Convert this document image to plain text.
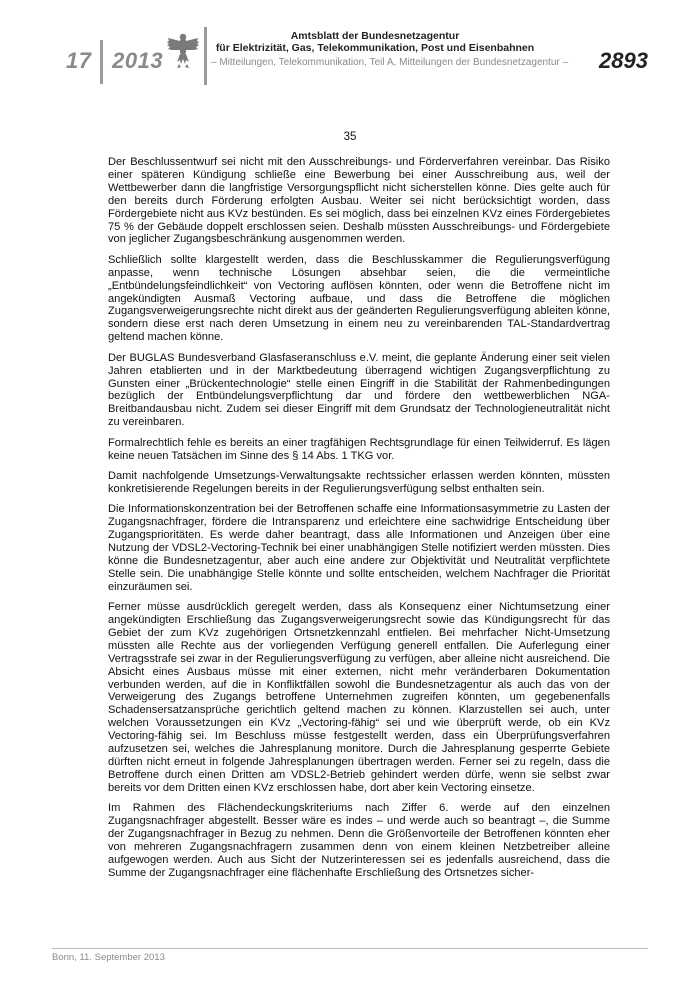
17 2013
Amtsblatt der Bundesnetzagentur
für Elektrizität, Gas, Telekommunikation, Post und Eisenbahnen
– Mitteilungen, Telekommunikation, Teil A, Mitteilungen der Bundesnetzagentur – 2893
35

Der Beschlussentwurf sei nicht mit den Ausschreibungs- und Förderverfahren vereinbar. Das Risiko einer späteren Kündigung schließe eine Bewerbung bei einer Ausschreibung aus, weil der Wettbewerber dann die langfristige Versorgungspflicht nicht sicherstellen könne. Dies gelte auch für den bereits durch Förderung erfolgten Ausbau. Weiter sei nicht berücksichtigt worden, dass Fördergebiete nicht aus KVz bestünden. Es sei möglich, dass bei einzelnen KVz eines Fördergebietes 75 % der Gebäude doppelt erschlossen seien. Deshalb müssten Ausschreibungs- und Fördergebiete von jeglicher Zugangsbeschränkung ausgenommen werden.

Schließlich sollte klargestellt werden, dass die Beschlusskammer die Regulierungsverfügung anpasse, wenn technische Lösungen absehbar seien, die die vermeintliche „Entbündelungsfeindlichkeit“ von Vectoring auflösen könnten, oder wenn die Betroffene nicht im angekündigten Ausmaß Vectoring aufbaue, und dass die Betroffene die möglichen Zugangsverweigerungsrechte nicht direkt aus der geänderten Regulierungsverfügung ableiten könne, sondern diese erst nach deren Umsetzung in einem neu zu vereinbarenden TAL-Standardvertrag geltend machen könne.

Der BUGLAS Bundesverband Glasfaseranschluss e.V. meint, die geplante Änderung einer seit vielen Jahren etablierten und in der Marktbedeutung überragend wichtigen Zugangsverpflichtung zu Gunsten einer „Brückentechnologie“ stelle einen Eingriff in die Stabilität der Rahmenbedingungen bezüglich der Entbündelungsverpflichtung dar und fördere den wettbewerblichen NGA-Breitbandausbau nicht. Zudem sei dieser Eingriff mit dem Grundsatz der Technologieneutralität nicht zu vereinbaren.

Formalrechtlich fehle es bereits an einer tragfähigen Rechtsgrundlage für einen Teilwiderruf. Es lägen keine neuen Tatsächen im Sinne des § 14 Abs. 1 TKG vor.

Damit nachfolgende Umsetzungs-Verwaltungsakte rechtssicher erlassen werden könnten, müssten konkretisierende Regelungen bereits in der Regulierungsverfügung selbst enthalten sein.

Die Informationskonzentration bei der Betroffenen schaffe eine Informationsasymmetrie zu Lasten der Zugangsnachfrager, fördere die Intransparenz und erleichtere eine sachwidrige Entscheidung über Zugangsprioritäten. Es werde daher beantragt, dass alle Informationen und Anzeigen über eine Nutzung der VDSL2-Vectoring-Technik bei einer unabhängigen Stelle notifiziert werden müssten. Dies könne die Bundesnetzagentur, aber auch eine andere zur Objektivität und Neutralität verpflichtete Stelle sein. Die unabhängige Stelle könnte und sollte entscheiden, welchem Nachfrager die Priorität einzuräumen sei.

Ferner müsse ausdrücklich geregelt werden, dass als Konsequenz einer Nichtumsetzung einer angekündigten Erschließung das Zugangsverweigerungsrecht sowie das Kündigungsrecht für das Gebiet der zum KVz zugehörigen Ortsnetzkennzahl entfielen. Bei mehrfacher Nicht-Umsetzung müssten alle Rechte aus der vorliegenden Verfügung generell entfallen. Die Auferlegung einer Vertragsstrafe sei zwar in der Regulierungsverfügung zu verfügen, aber alleine nicht ausreichend. Die Absicht eines Ausbaus müsse mit einer externen, nicht mehr veränderbaren Dokumentation verbunden werden, auf die in Konfliktfällen sowohl die Bundesnetzagentur als auch das von der Verweigerung des Zugangs betroffene Unternehmen zugreifen könnten, um gegebenenfalls Schadensersatzansprüche gerichtlich geltend machen zu können. Klarzustellen sei auch, unter welchen Voraussetzungen ein KVz „Vectoring-fähig“ sei und wie überprüft werde, ob ein KVz Vectoring-fähig sei. Im Beschluss müsse festgestellt werden, dass ein Überprüfungsverfahren aufzusetzen sei, welches die Jahresplanung monitore. Durch die Jahresplanung gesperrte Gebiete dürften nicht erneut in folgende Jahresplanungen übertragen werden. Ferner sei zu regeln, dass die Betroffene durch einen Dritten am VDSL2-Betrieb gehindert werden dürfe, wenn sie selbst zwar bereits vor dem Dritten einen KVz erschlossen habe, dort aber kein Vectoring einsetze.

Im Rahmen des Flächendeckungskriteriums nach Ziffer 6. werde auf den einzelnen Zugangsnachfrager abgestellt. Besser wäre es indes – und werde auch so beantragt –, die Summe der Zugangsnachfrager in Bezug zu nehmen. Denn die Größenvorteile der Betroffenen könnten eher von mehreren Zugangsnachfragern zusammen denn von einem kleinen Netzbetreiber alleine aufgewogen werden. Auch aus Sicht der Nutzerinteressen sei es jedenfalls ausreichend, dass die Summe der Zugangsnachfrager eine flächenhafte Erschließung des Ortsnetzes sicher-

Bonn, 11. September 2013
